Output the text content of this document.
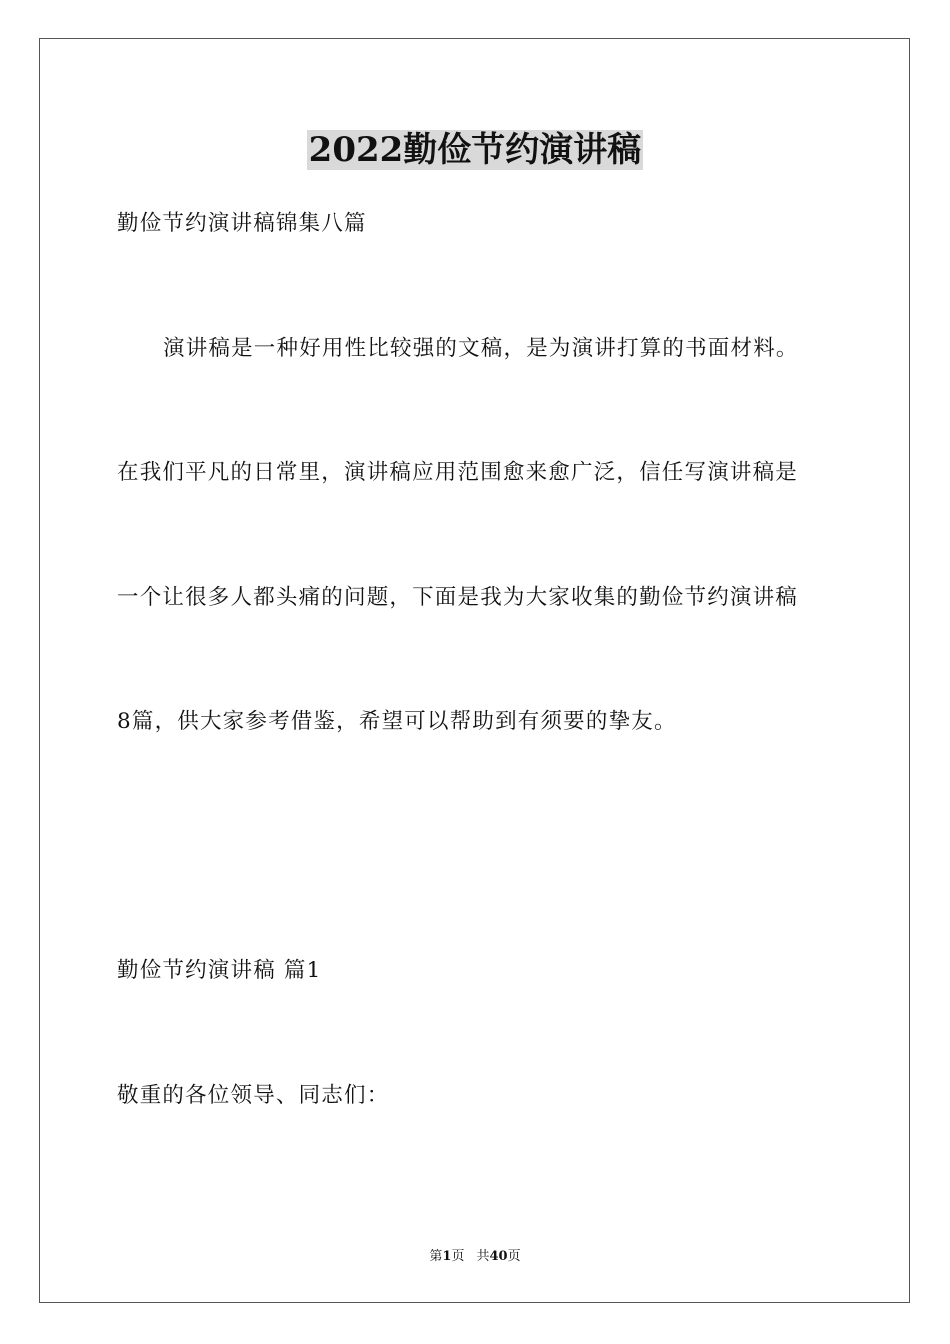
2022勤俭节约演讲稿
勤俭节约演讲稿锦集八篇
演讲稿是一种好用性比较强的文稿，是为演讲打算的书面材料。
在我们平凡的日常里，演讲稿应用范围愈来愈广泛，信任写演讲稿是
一个让很多人都头痛的问题，下面是我为大家收集的勤俭节约演讲稿
8篇，供大家参考借鉴，希望可以帮助到有须要的挚友。
勤俭节约演讲稿 篇1
敬重的各位领导、同志们：
第1页 共40页
